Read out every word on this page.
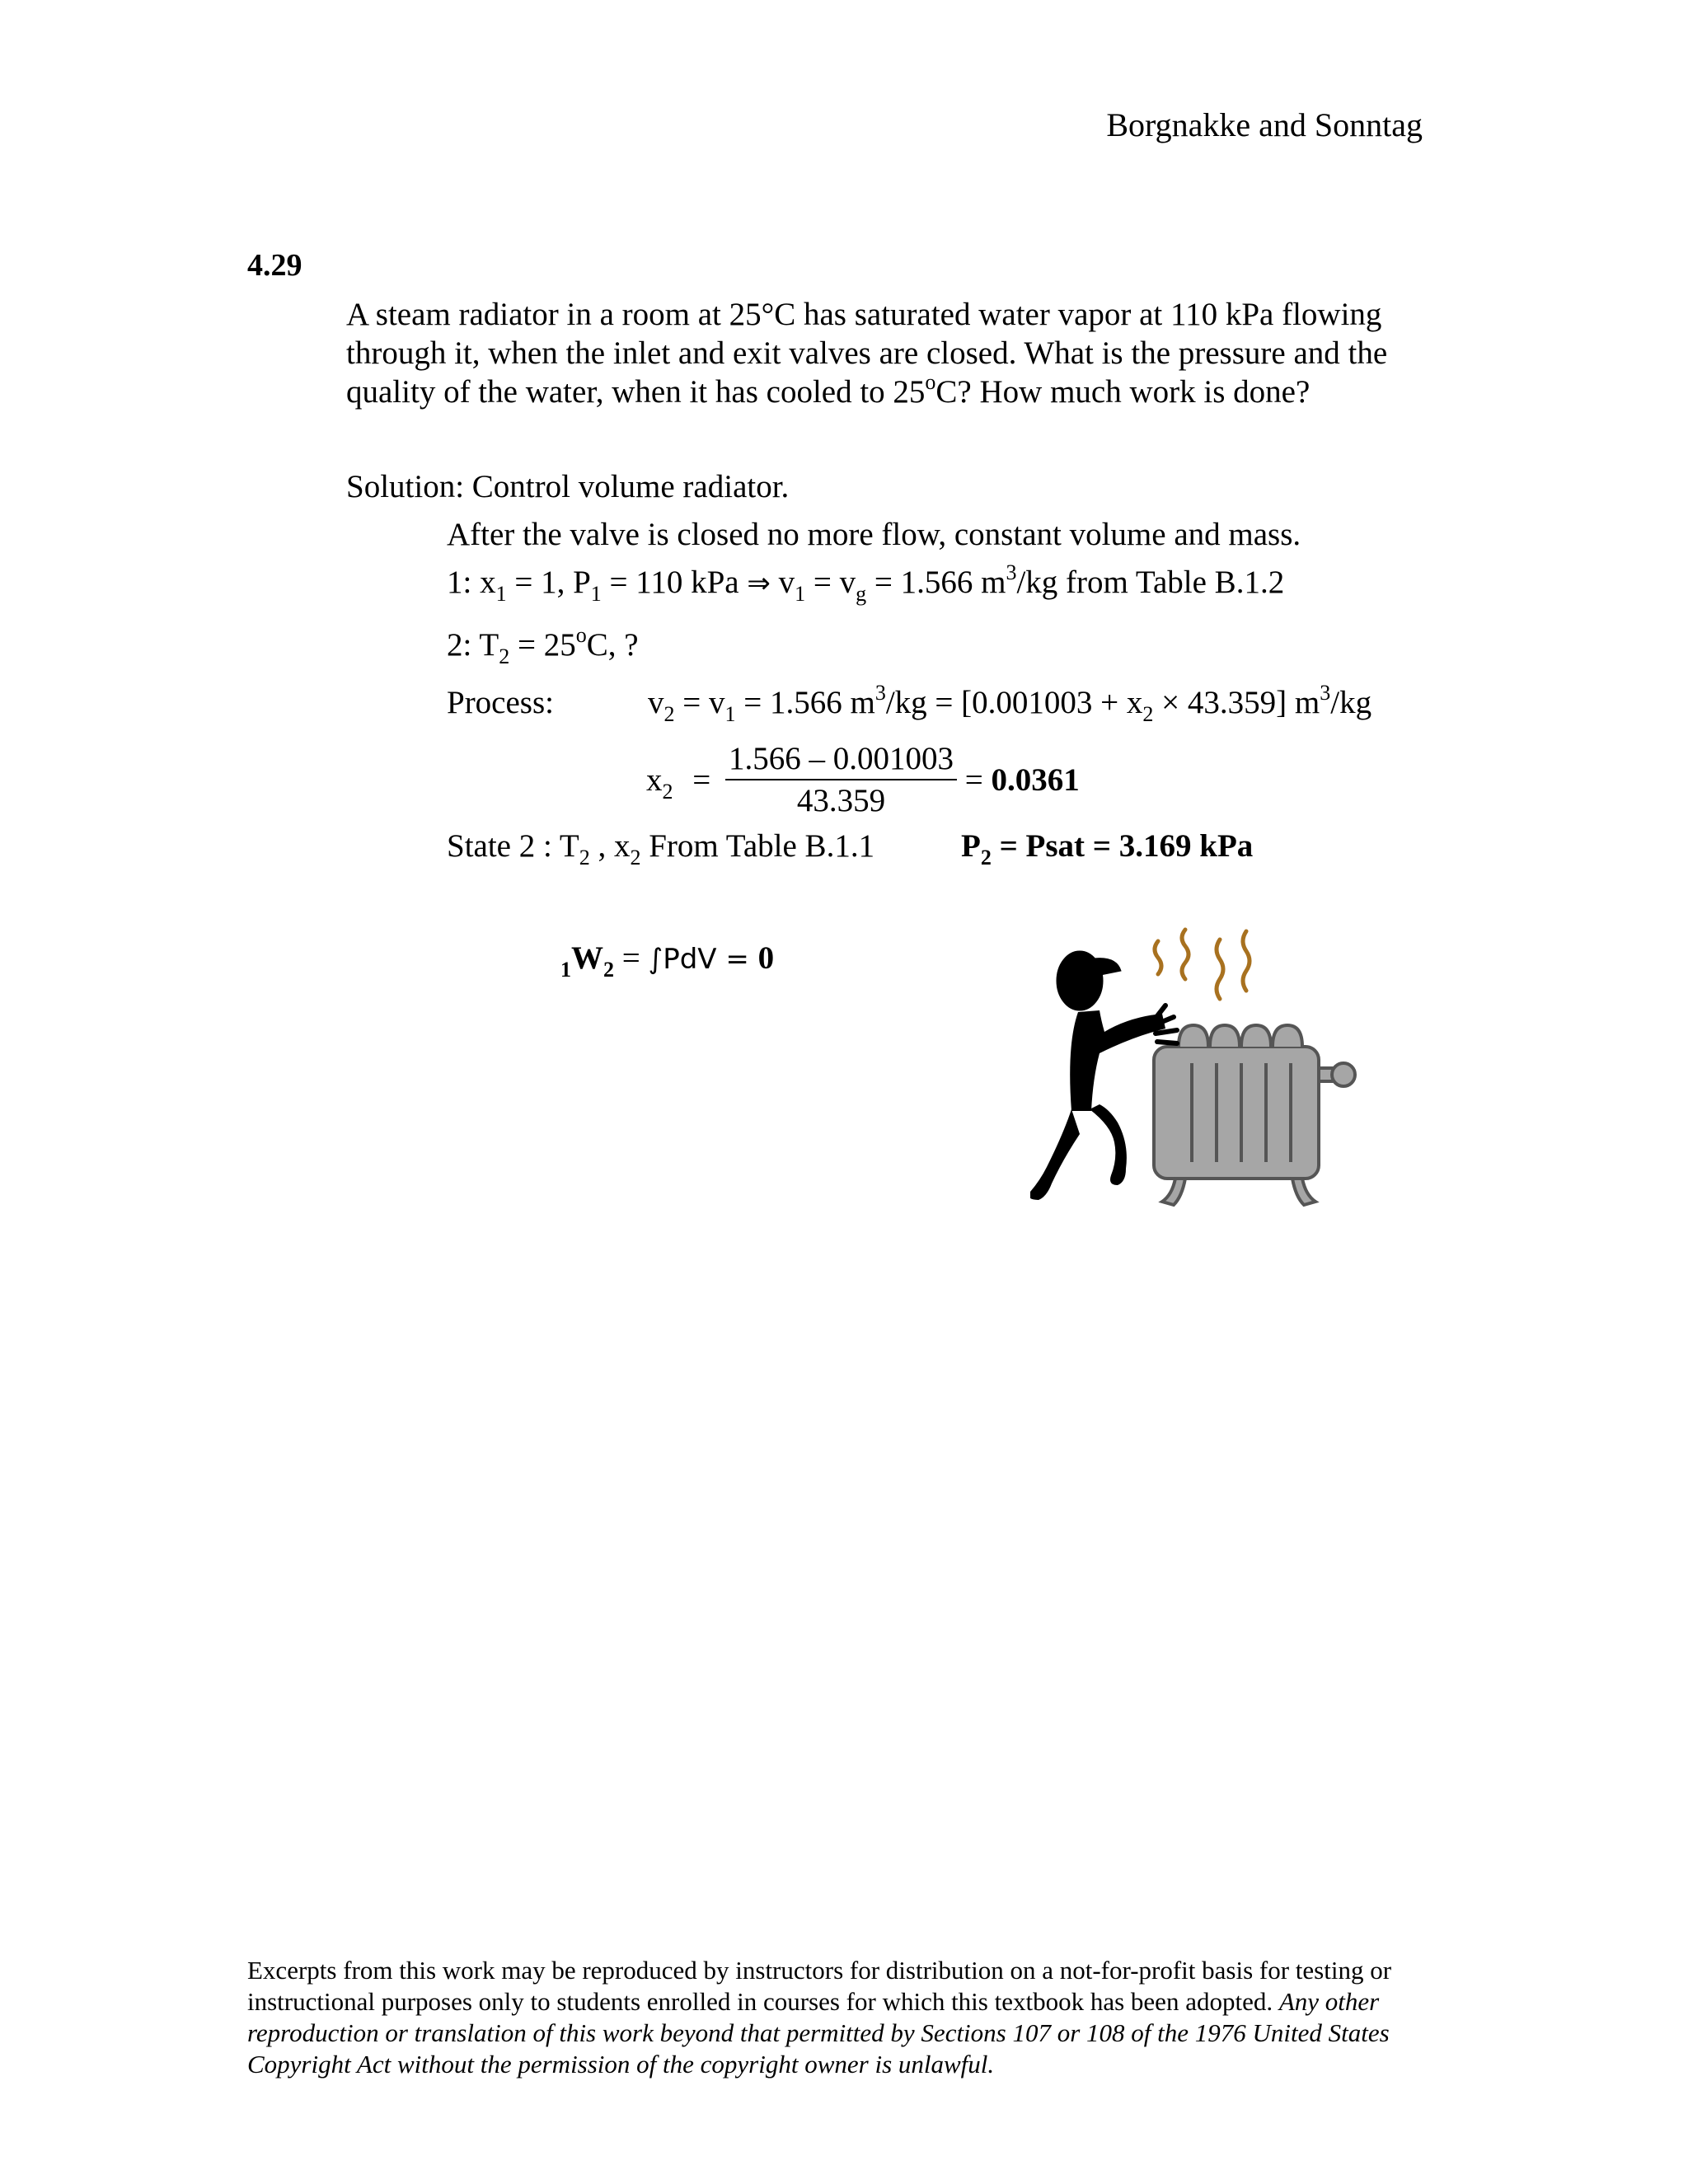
Borgnakke and Sonntag
4.29

A steam radiator in a room at 25°C has saturated water vapor at 110 kPa flowing

through it, when the inlet and exit valves are closed. What is the pressure and the

quality of the water, when it has cooled to 25$^o$C? How much work is done?

Solution: Control volume radiator.
After the valve is closed no more flow, constant volume and mass.
1: $x_1 = 1$, $P_1 = 110$ kPa ⇒ $v_1 = v_g = 1.566$ $m^3/kg$ from Table B.1.2
2: $T_2 = 25^oC$, ?
Process:	$v_2 = v_1 = 1.566$ $m^3/kg = [0.001003 + x_2 \times 43.359]$ $m^3/kg$
$x_2 = \frac{1.566 - 0.001003}{43.359} = 0.0361$
State 2 : $T_2$ , $x_2$ From Table B.1.1	$P_2$ = Psat = 3.169 kPa
$_1W_2 = \int PdV = 0$

Excerpts from this work may be reproduced by instructors for distribution on a not-for-profit basis for testing or instructional purposes only to students enrolled in courses for which this textbook has been adopted. Any other reproduction or translation of this work beyond that permitted by Sections 107 or 108 of the 1976 United States Copyright Act without the permission of the copyright owner is unlawful.
